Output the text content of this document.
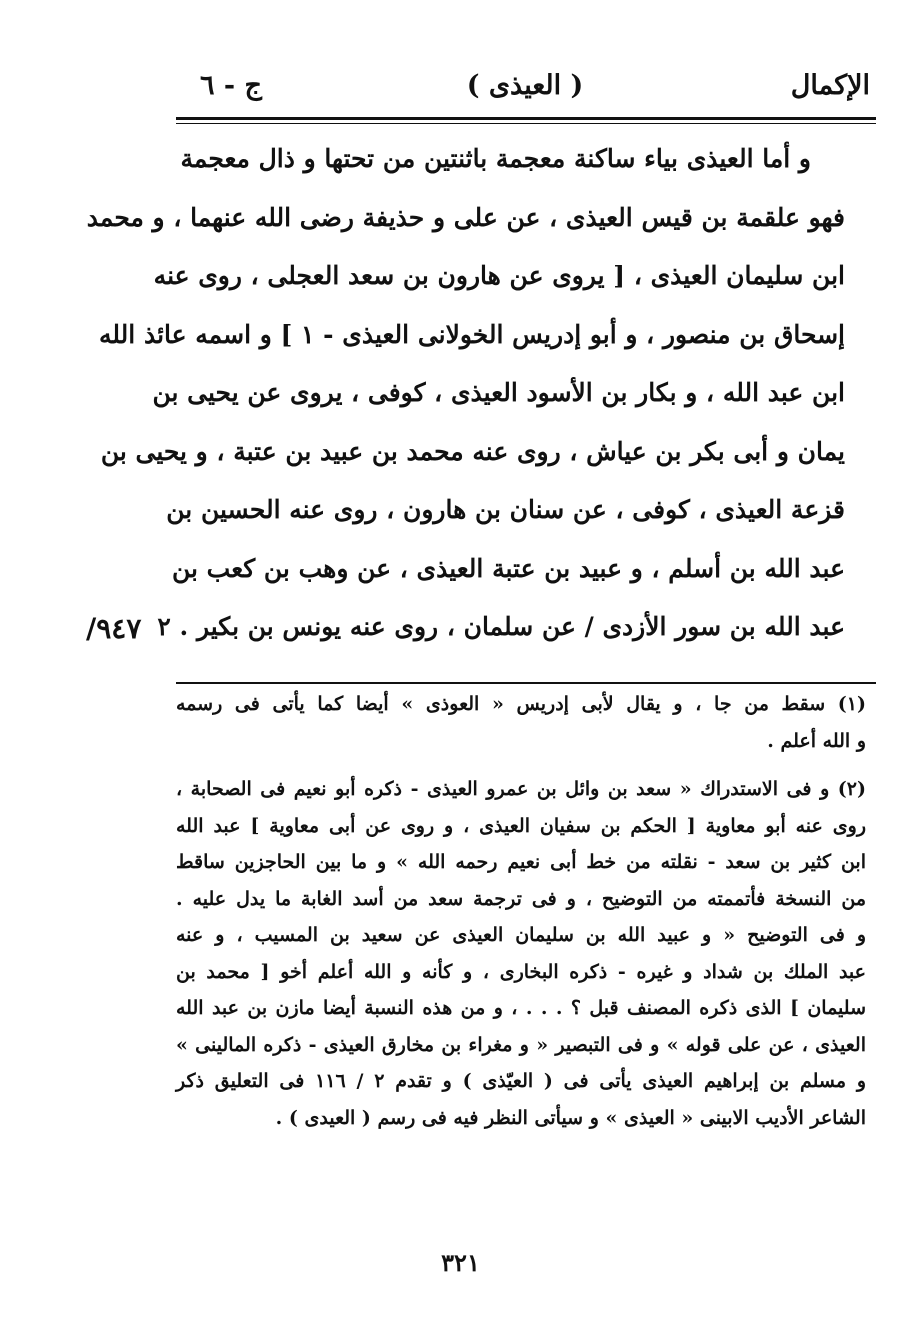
الإكمال
( العيذى )
ج - ٦
و أما العيذى بياء ساكنة معجمة باثنتين من تحتها و ذال معجمة
فهو علقمة بن قيس العيذى ، عن على و حذيفة رضى الله عنهما ، و محمد
ابن سليمان العيذى ، [ يروى عن هارون بن سعد العجلى ، روى عنه
إسحاق بن منصور ، و أبو إدريس الخولانى العيذى - ١ ] و اسمه عائذ الله
ابن عبد الله ، و بكار بن الأسود العيذى ، كوفى ، يروى عن يحيى بن
يمان و أبى بكر بن عياش ، روى عنه محمد بن عبيد بن عتبة ، و يحيى بن
قزعة العيذى ، كوفى ، عن سنان بن هارون ، روى عنه الحسين بن
عبد الله بن أسلم ، و عبيد بن عتبة العيذى ، عن وهب بن كعب بن
عبد الله بن سور الأزدى / عن سلمان ، روى عنه يونس بن بكير . ٢
٩٤٧/
(١) سقط من جا ، و يقال لأبى إدريس « العوذى » أيضا كما يأتى فى رسمه
و الله أعلم .
(٢) و فى الاستدراك « سعد بن وائل بن عمرو العيذى - ذكره أبو نعيم فى الصحابة ،
روى عنه أبو معاوية [ الحكم بن سفيان العيذى ، و روى عن أبى معاوية ] عبد الله
ابن كثير بن سعد - نقلته من خط أبى نعيم رحمه الله » و ما بين الحاجزين ساقط
من النسخة فأتممته من التوضيح ، و فى ترجمة سعد من أسد الغابة ما يدل عليه .
و فى التوضيح « و عبيد الله بن سليمان العيذى عن سعيد بن المسيب ، و عنه
عبد الملك بن شداد و غيره - ذكره البخارى ، و كأنه و الله أعلم أخو [ محمد بن
سليمان ] الذى ذكره المصنف قبل ؟ . . . ، و من هذه النسبة أيضا مازن بن عبد الله
العيذى ، عن على قوله » و فى التبصير « و مغراء بن مخارق العيذى - ذكره المالينى »
و مسلم بن إبراهيم العيذى يأتى فى ( العيّذى ) و تقدم ٢ / ١١٦ فى التعليق ذكر
الشاعر الأديب الابينى « العيذى » و سيأتى النظر فيه فى رسم ( العيدى ) .
٣٢١
